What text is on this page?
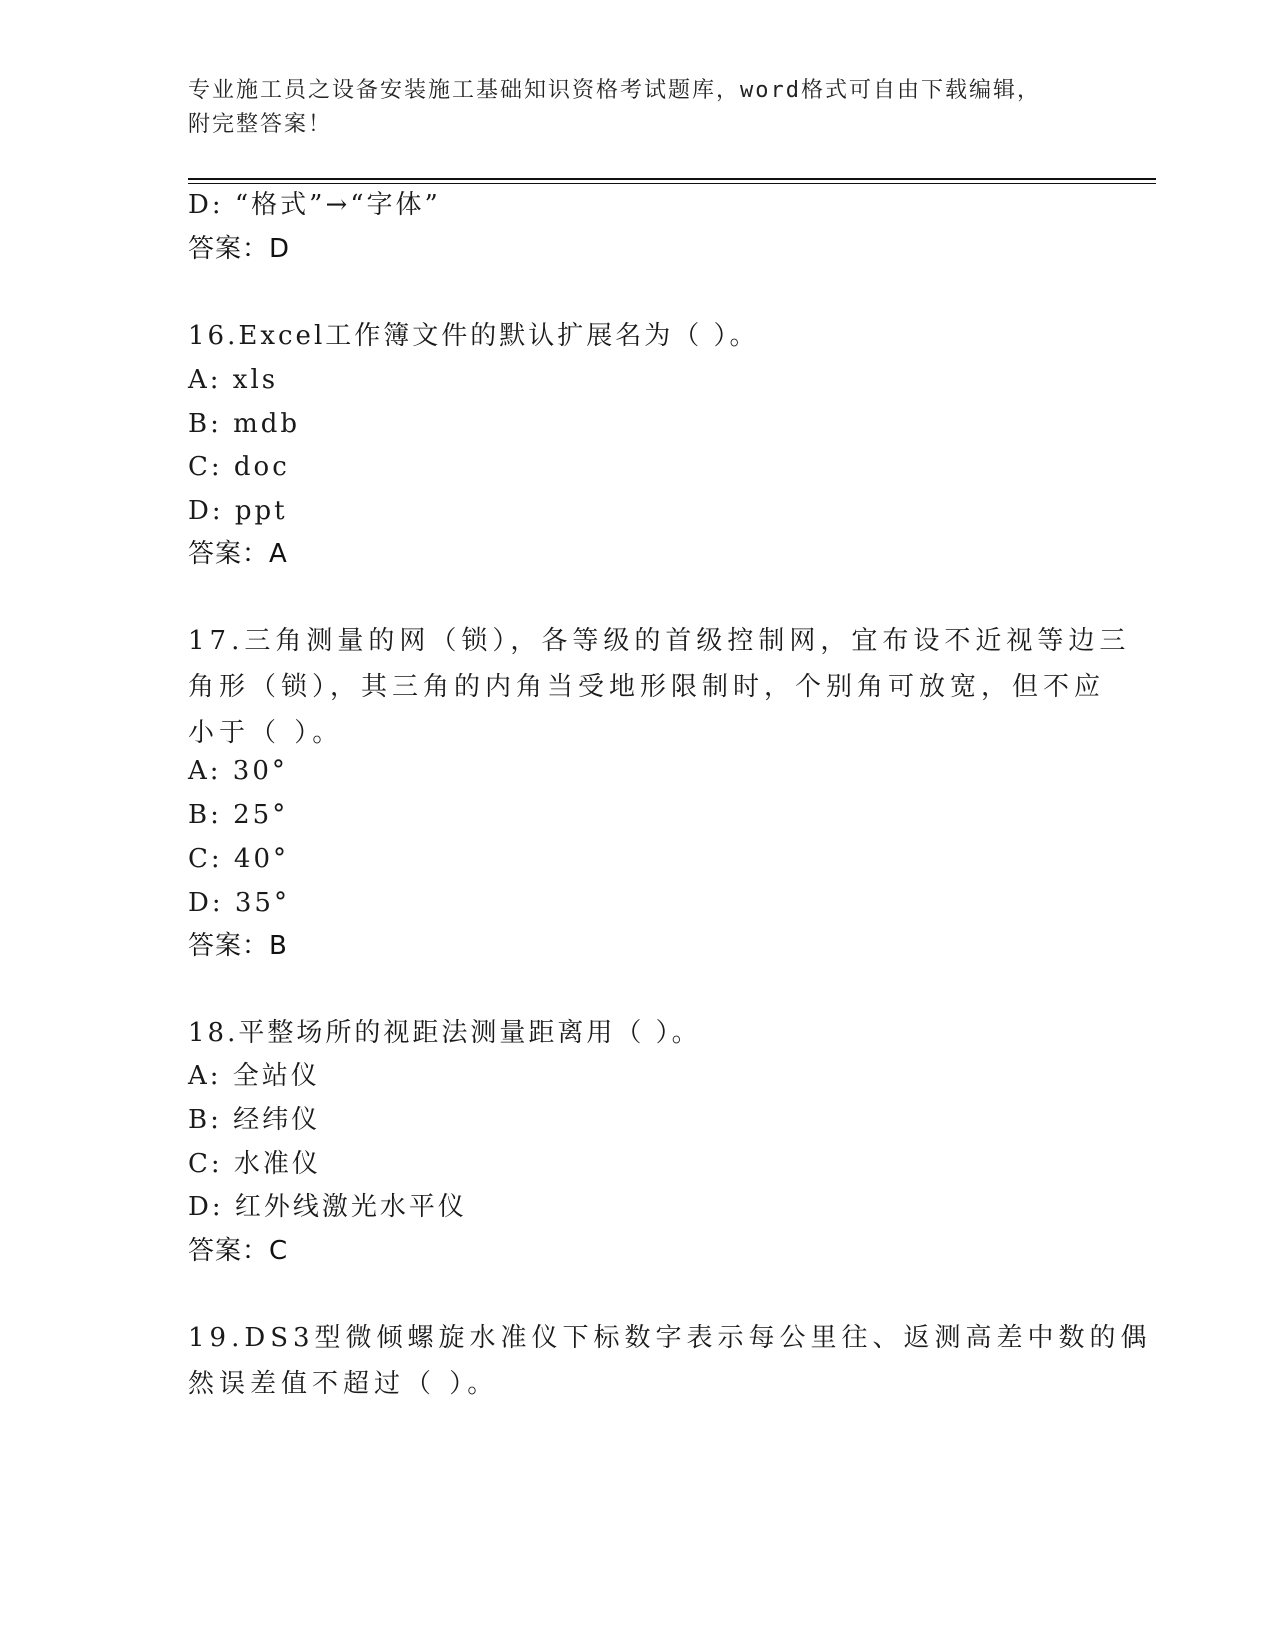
专业施工员之设备安装施工基础知识资格考试题库，word格式可自由下载编辑，
附完整答案！
D: “格式”→“字体”
答案：D
16.Excel工作簿文件的默认扩展名为（ ）。
A: xls
B: mdb
C: doc
D: ppt
答案：A
17.三角测量的网（锁），各等级的首级控制网，宜布设不近视等边三
角形（锁），其三角的内角当受地形限制时，个别角可放宽，但不应
小于（ ）。
A: 30°
B: 25°
C: 40°
D: 35°
答案：B
18.平整场所的视距法测量距离用（ ）。
A: 全站仪
B: 经纬仪
C: 水准仪
D: 红外线激光水平仪
答案：C
19.DS3型微倾螺旋水准仪下标数字表示每公里往、返测高差中数的偶
然误差值不超过（ ）。
